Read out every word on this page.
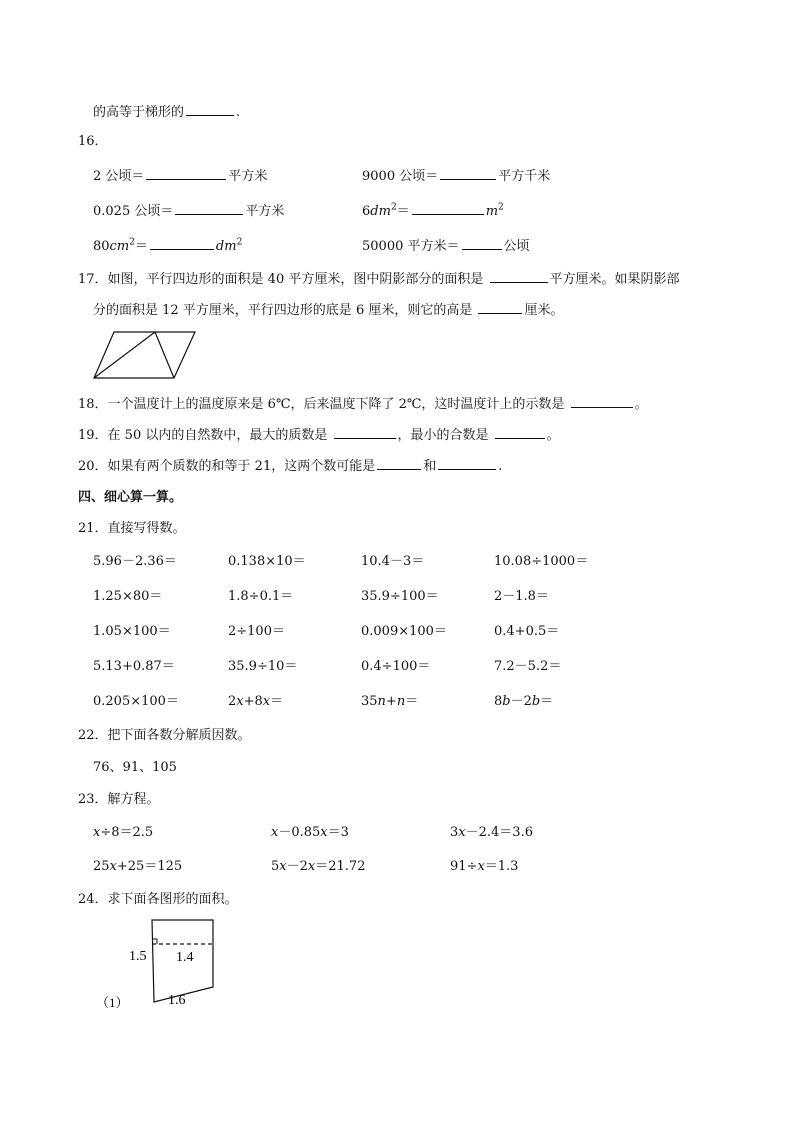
的高等于梯形的	.
16．
2 公顷＝	平方米	9000 公顷＝	平方千米
0.025 公顷＝	平方米	$6dm^2=$	$m^2$
$80cm^2=$	$dm^2$	50000 平方米＝	公顷
17．如图，平行四边形的面积是 40 平方厘米，图中阴影部分的面积是	平方厘米。如果阴影部
分的面积是 12 平方厘米，平行四边形的底是 6 厘米，则它的高是	厘米。
18．一个温度计上的温度原来是 6℃，后来温度下降了 2℃，这时温度计上的示数是	。
19．在 50 以内的自然数中，最大的质数是	，最小的合数是	。
20．如果有两个质数的和等于 21，这两个数可能是	和	.
四、细心算一算。
21．直接写得数。
5.96－2.36＝	0.138×10＝	10.4－3＝	10.08÷1000＝
1.25×80＝	1.8÷0.1＝	35.9÷100＝	2－1.8＝
1.05×100＝	2÷100＝	0.009×100＝	0.4+0.5＝
5.13+0.87＝	35.9÷10＝	0.4÷100＝	7.2－5.2＝
0.205×100＝	2x+8x＝	35n+n＝	8b－2b＝
22．把下面各数分解质因数。
76、91、105
23．解方程。
x÷8＝2.5	x－0.85x＝3	3x－2.4＝3.6
25x+25＝125	5x－2x＝21.72	91÷x＝1.3
24．求下面各图形的面积。
1.5 1.4
1.6
（1）
